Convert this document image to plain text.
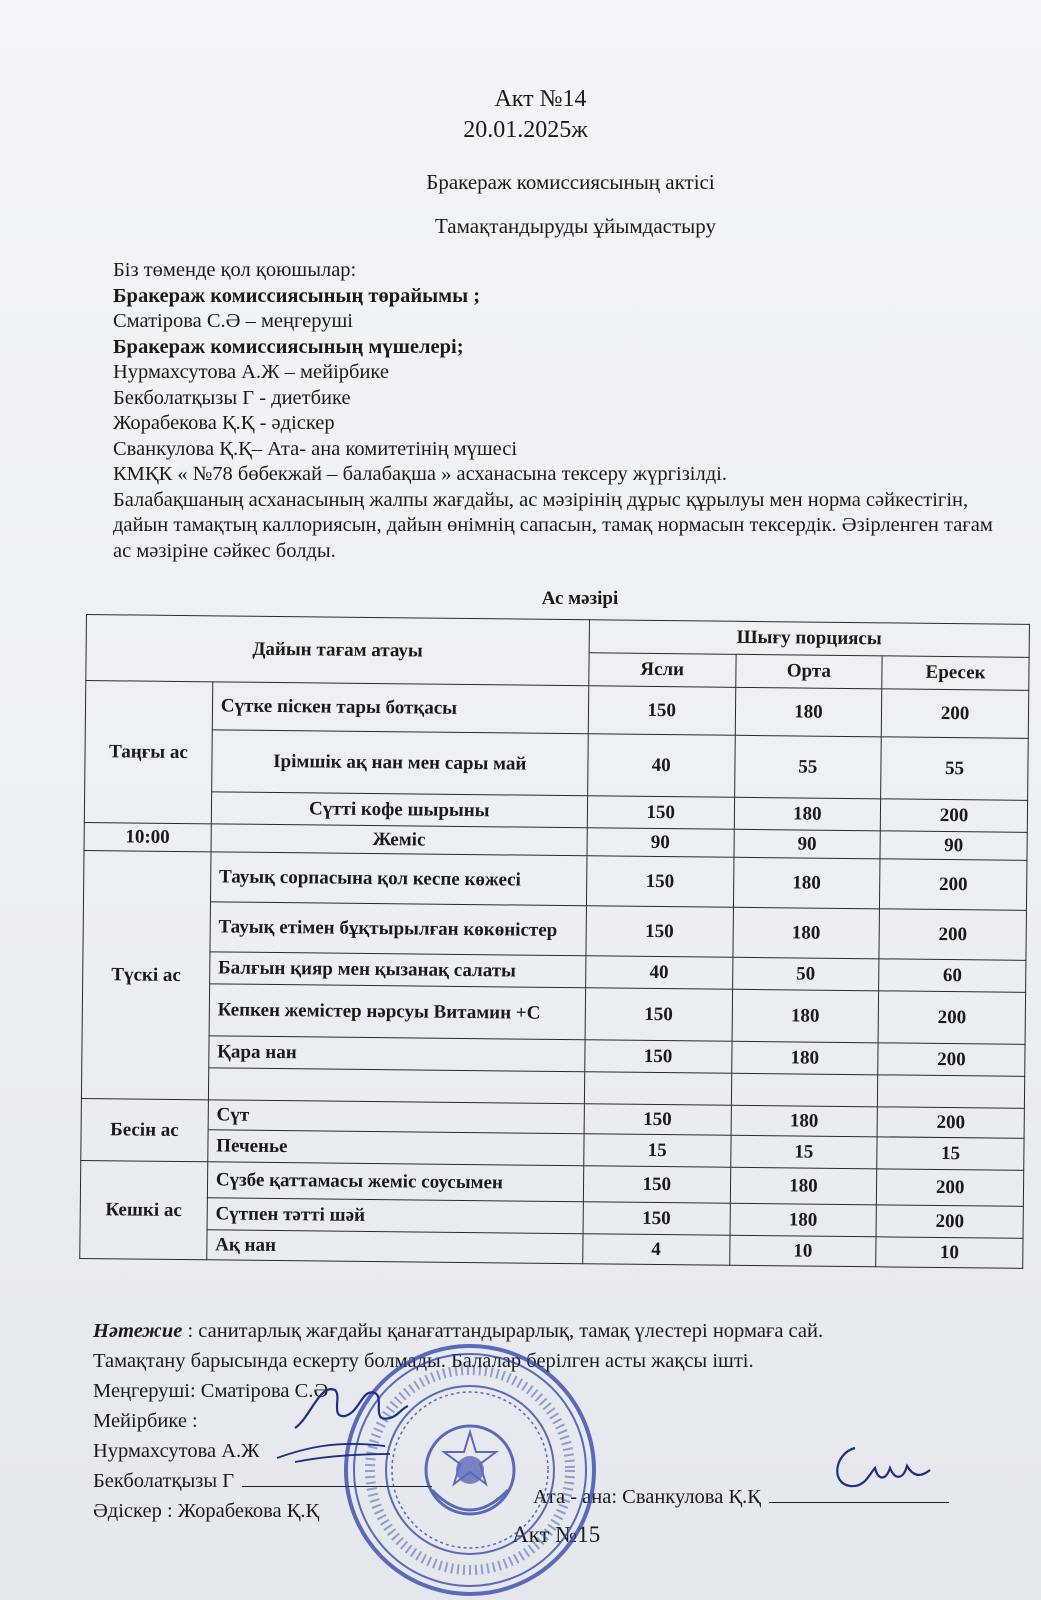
Акт №14
20.01.2025ж
Бракераж комиссиясының актісі
Тамақтандыруды ұйымдастыру
Біз төменде қол қоюшылар:
Бракераж комиссиясының төрайымы ;
Сматірова С.Ә – меңгеруші
Бракераж комиссиясының мүшелері;
Нурмахсутова А.Ж – мейірбике
Бекболатқызы Г - диетбике
Жорабекова Қ.Қ - әдіскер
Сванкулова Қ.Қ– Ата- ана комитетінің мүшесі
КМҚК « №78 бөбекжай – балабақша » асханасына тексеру жүргізілді.
Балабақшаның асханасының жалпы жағдайы, ас мәзірінің дұрыс құрылуы мен норма сәйкестігін, дайын тамақтың каллориясын, дайын өнімнің сапасын, тамақ нормасын тексердік. Әзірленген тағам ас мәзіріне сәйкес болды.
Ас мәзірі
Дайын тағам атауы		Шығу порциясы		
		Ясли	Орта	Ересек
Таңғы ас	Сүтке піскен тары ботқасы	150	180	200
	Ірімшік ақ нан мен сары май	40	55	55
	Сүтті кофе шырыны	150	180	200
10:00	Жеміс	90	90	90
Түскі ас	Тауық сорпасына қол кеспе көжесі	150	180	200
	Тауық етімен бұқтырылған көкөністер	150	180	200
	Балғын қияр мен қызанақ салаты	40	50	60
	Кепкен жемістер нәрсуы Витамин +С	150	180	200
	Қара нан	150	180	200

Бесін ас	Сүт	150	180	200
	Печенье	15	15	15
Кешкі ас	Сүзбе қаттамасы жеміс соусымен	150	180	200
	Сүтпен тәтті шәй	150	180	200
	Ақ нан	4	10	10
Нәтежие : санитарлық жағдайы қанағаттандырарлық, тамақ үлестері нормаға сай.
Тамақтану барысында ескерту болмады. Балалар берілген асты жақсы ішті.
Меңгеруші: Сматірова С.Ә
Мейірбике :
Нурмахсутова А.Ж
Бекболатқызы Г
Әдіскер : Жорабекова Қ.Қ
Ата - ана: Сванкулова Қ.Қ
Акт №15
